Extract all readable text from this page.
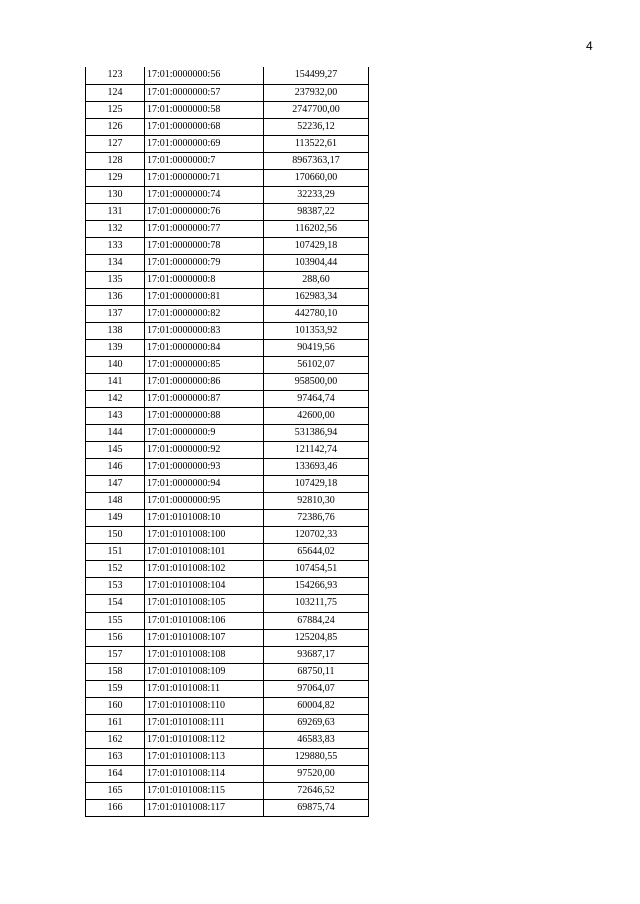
4
123	17:01:0000000:56	154499,27
124	17:01:0000000:57	237932,00
125	17:01:0000000:58	2747700,00
126	17:01:0000000:68	52236,12
127	17:01:0000000:69	113522,61
128	17:01:0000000:7	8967363,17
129	17:01:0000000:71	170660,00
130	17:01:0000000:74	32233,29
131	17:01:0000000:76	98387,22
132	17:01:0000000:77	116202,56
133	17:01:0000000:78	107429,18
134	17:01:0000000:79	103904,44
135	17:01:0000000:8	288,60
136	17:01:0000000:81	162983,34
137	17:01:0000000:82	442780,10
138	17:01:0000000:83	101353,92
139	17:01:0000000:84	90419,56
140	17:01:0000000:85	56102,07
141	17:01:0000000:86	958500,00
142	17:01:0000000:87	97464,74
143	17:01:0000000:88	42600,00
144	17:01:0000000:9	531386,94
145	17:01:0000000:92	121142,74
146	17:01:0000000:93	133693,46
147	17:01:0000000:94	107429,18
148	17:01:0000000:95	92810,30
149	17:01:0101008:10	72386,76
150	17:01:0101008:100	120702,33
151	17:01:0101008:101	65644,02
152	17:01:0101008:102	107454,51
153	17:01:0101008:104	154266,93
154	17:01:0101008:105	103211,75
155	17:01:0101008:106	67884,24
156	17:01:0101008:107	125204,85
157	17:01:0101008:108	93687,17
158	17:01:0101008:109	68750,11
159	17:01:0101008:11	97064,07
160	17:01:0101008:110	60004,82
161	17:01:0101008:111	69269,63
162	17:01:0101008:112	46583,83
163	17:01:0101008:113	129880,55
164	17:01:0101008:114	97520,00
165	17:01:0101008:115	72646,52
166	17:01:0101008:117	69875,74
